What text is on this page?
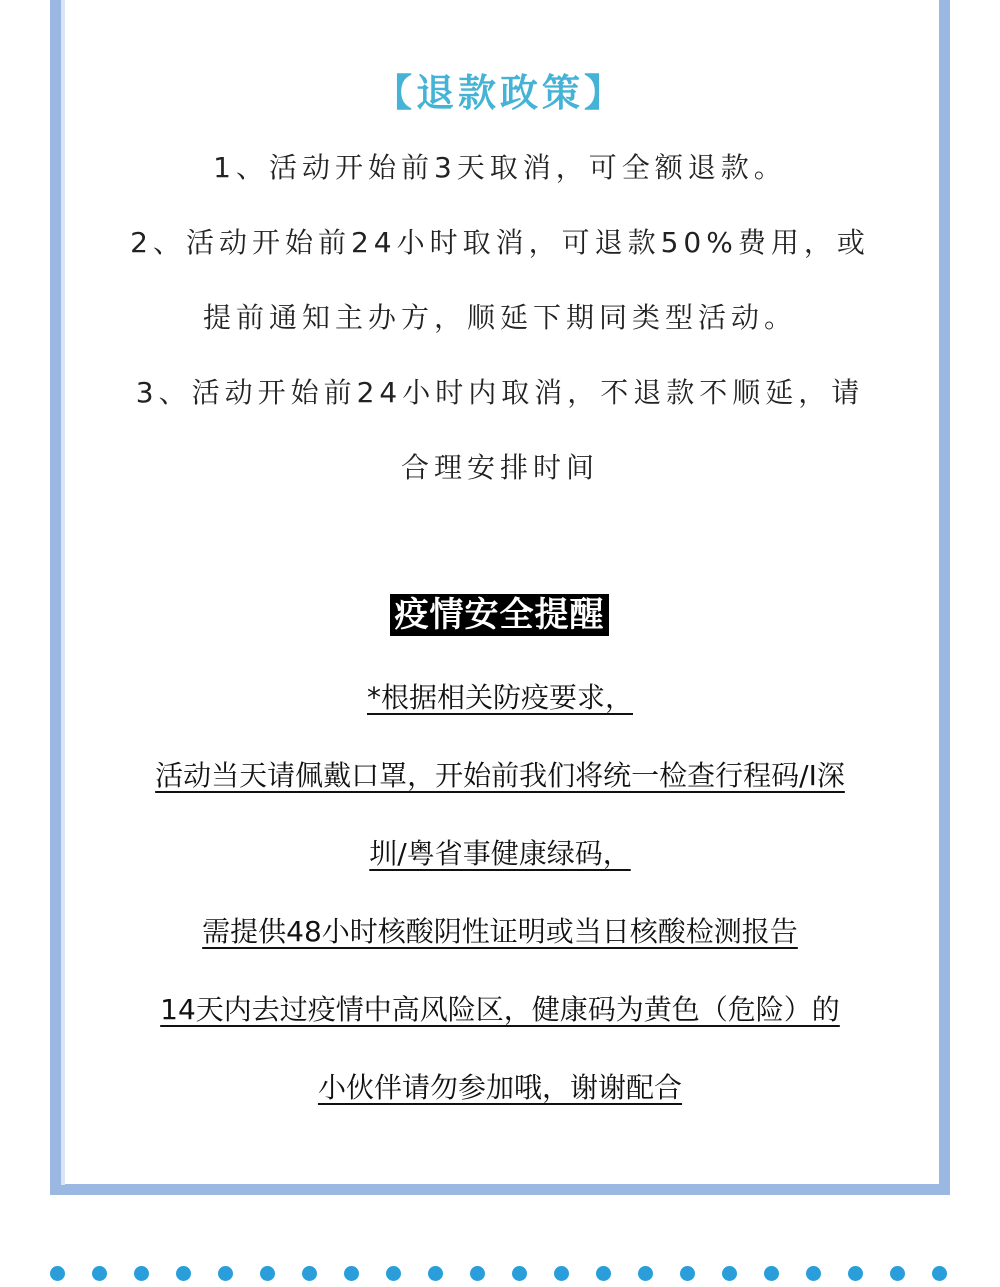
【退款政策】
1、活动开始前3天取消，可全额退款。
2、活动开始前24小时取消，可退款50%费用，或
提前通知主办方，顺延下期同类型活动。
3、活动开始前24小时内取消，不退款不顺延，请
合理安排时间
疫情安全提醒
*根据相关防疫要求，
活动当天请佩戴口罩，开始前我们将统一检查行程码/I深
圳/粤省事健康绿码，
需提供48小时核酸阴性证明或当日核酸检测报告
14天内去过疫情中高风险区，健康码为黄色（危险）的
小伙伴请勿参加哦，谢谢配合
